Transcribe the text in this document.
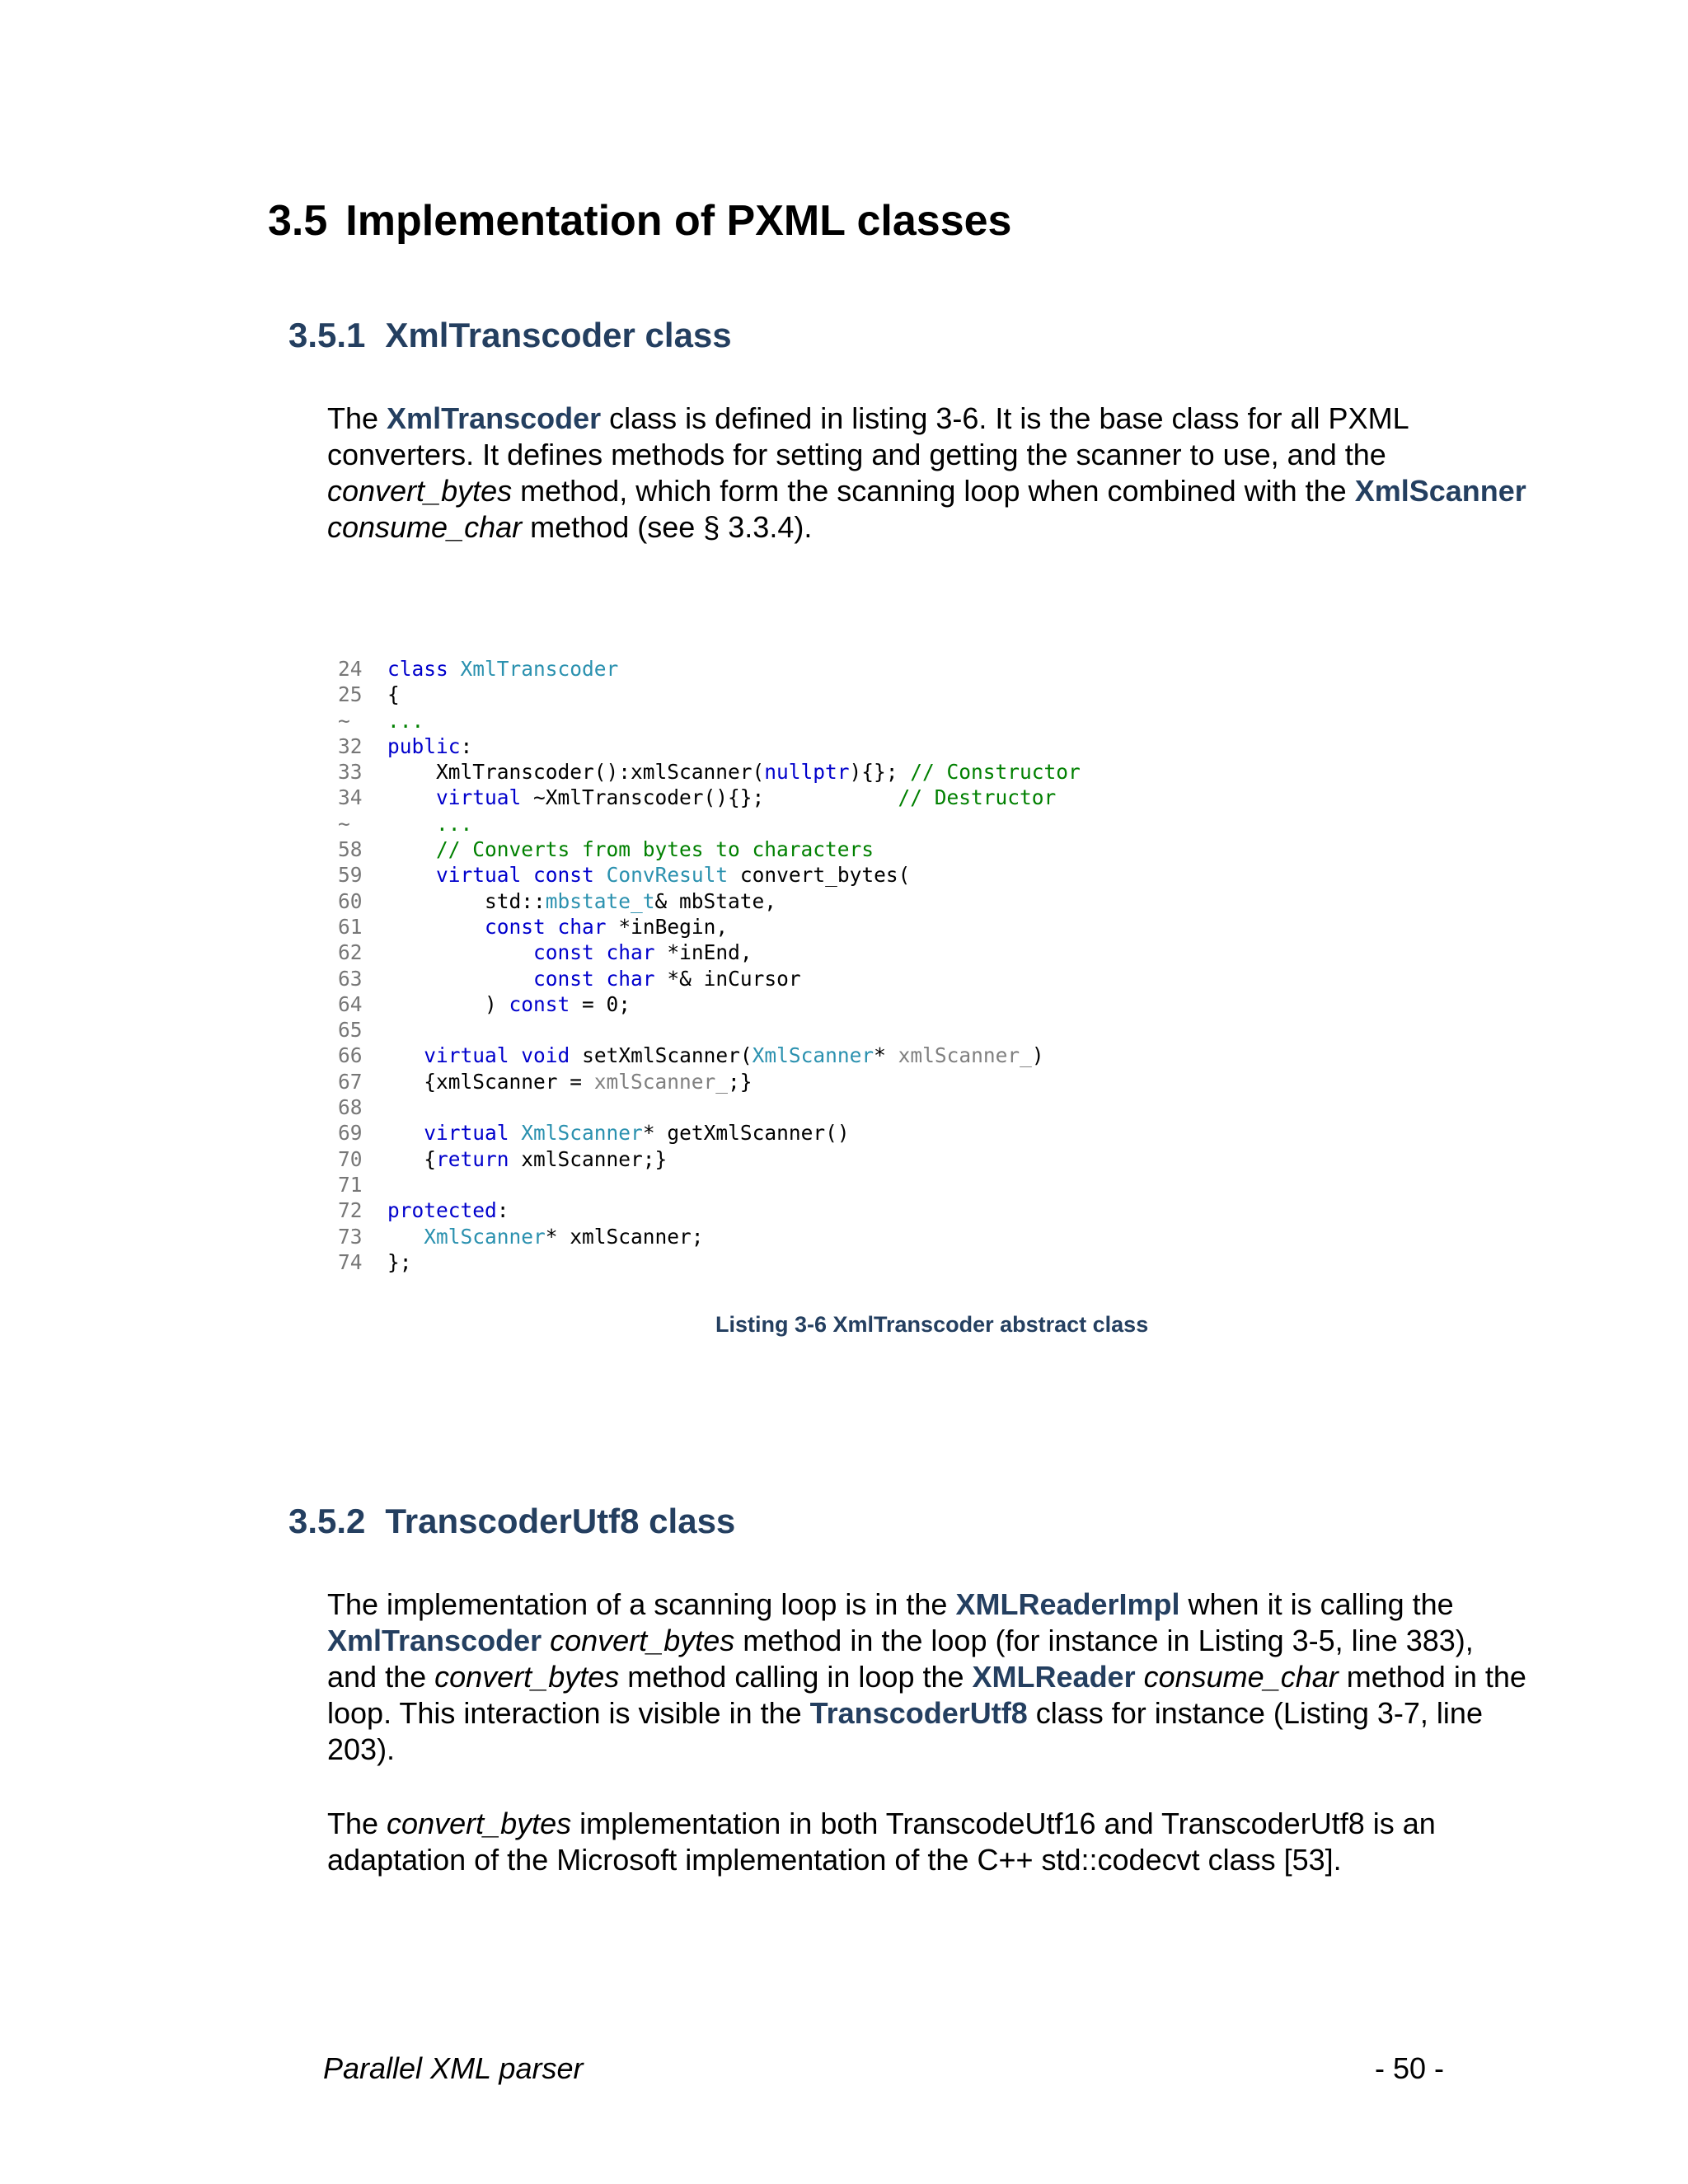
3.5 Implementation of PXML classes
3.5.1 XmlTranscoder class

The XmlTranscoder class is defined in listing 3-6. It is the base class for all PXML converters. It defines methods for setting and getting the scanner to use, and the convert_bytes method, which form the scanning loop when combined with the XmlScanner consume_char method (see § 3.3.4).

24 class XmlTranscoder
25 {
~ ...
32 public:
33    XmlTranscoder():xmlScanner(nullptr){}; // Constructor
34	virtual ~XmlTranscoder(){};           // Destructor
~    ...
58    // Converts from bytes to characters
59	virtual const ConvResult convert_bytes(
60        std::mbstate_t& mbState,
61	const char *inBegin,
62	const char *inEnd,
63	const char *& inCursor
64        ) const = 0;
65
66	virtual void setXmlScanner(XmlScanner* xmlScanner_)
67   {xmlScanner = xmlScanner_;}
68
69	virtual XmlScanner* getXmlScanner()
70   {return xmlScanner;}
71
72 protected:
73	XmlScanner* xmlScanner;
74 };

Listing 3-6 XmlTranscoder abstract class

3.5.2 TranscoderUtf8 class

The implementation of a scanning loop is in the XMLReaderImpl when it is calling the XmlTranscoder convert_bytes method in the loop (for instance in Listing 3-5, line 383), and the convert_bytes method calling in loop the XMLReader consume_char method in the loop. This interaction is visible in the TranscoderUtf8 class for instance (Listing 3-7, line 203).

The convert_bytes implementation in both TranscodeUtf16 and TranscoderUtf8 is an adaptation of the Microsoft implementation of the C++ std::codecvt class [53].

Parallel XML parser	- 50 -
